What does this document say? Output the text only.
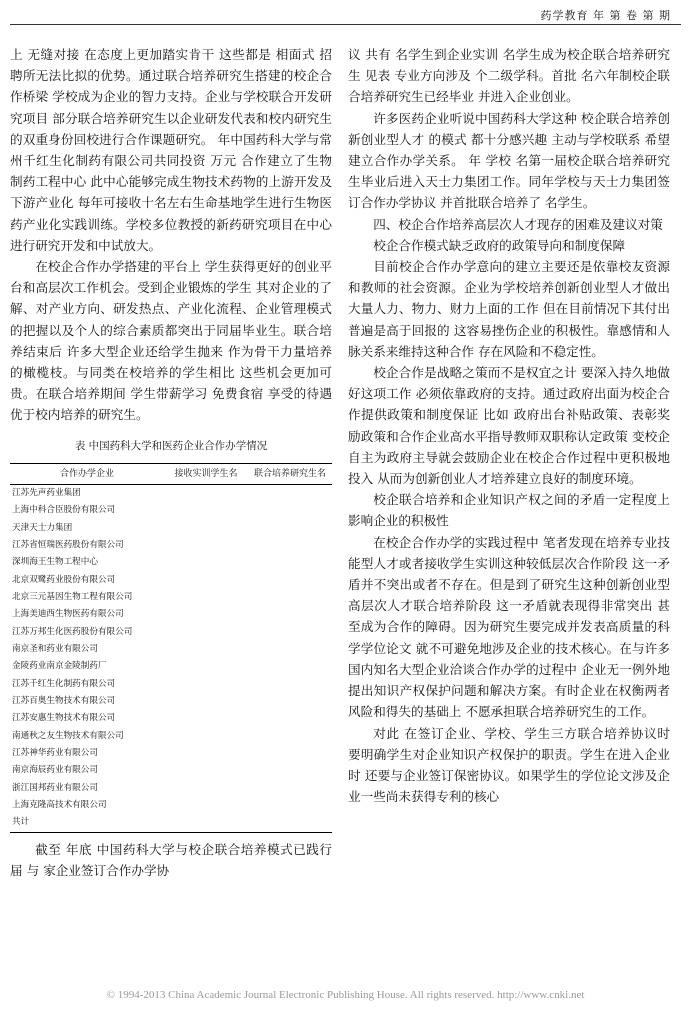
药学教育 年 第 卷 第 期

上 无缝对接 在态度上更加踏实肯干 这些都是 相面式 招聘所无法比拟的优势。通过联合培养研究生搭建的校企合作桥梁 学校成为企业的智力支持。企业与学校联合开发研究项目 部分联合培养研究生以企业研发代表和校内研究生的双重身份回校进行合作课题研究。 年中国药科大学与常州千红生化制药有限公司共同投资 万元 合作建立了生物制药工程中心 此中心能够完成生物技术药物的上游开发及下游产业化 每年可接收十名左右生命基地学生进行生物医药产业化实践训练。学校多位教授的新药研究项目在中心进行研究开发和中试放大。

在校企合作办学搭建的平台上 学生获得更好的创业平台和高层次工作机会。受到企业锻炼的学生 其对企业的了解、对产业方向、研发热点、产业化流程、企业管理模式的把握以及个人的综合素质都突出于同届毕业生。联合培养结束后 许多大型企业还给学生抛来 作为骨干力量培养 的橄榄枝。与同类在校培养的学生相比 这些机会更加可贵。在联合培养期间 学生带薪学习 免费食宿 享受的待遇优于校内培养的研究生。

表 中国药科大学和医药企业合作办学情况
合作办学企业	接收实训学生名	联合培养研究生名
江苏先声药业集团		
上海中科合臣股份有限公司		
天津天士力集团		
江苏省恒瑞医药股份有限公司		
深圳海王生物工程中心		
北京双鹭药业股份有限公司		
北京三元基因生物工程有限公司		
上海美迪西生物医药有限公司		
江苏万邦生化医药股份有限公司		
南京圣和药业有限公司		
金陵药业南京金陵制药厂		
江苏千红生化制药有限公司		
江苏百奥生物技术有限公司		
江苏安惠生物技术有限公司		
南通秋之友生物技术有限公司		
江苏神华药业有限公司		
南京海辰药业有限公司		
浙江国邦药业有限公司		
上海克隆高技术有限公司		
共计		

截至 年底 中国药科大学与校企联合培养模式已践行 届 与 家企业签订合作办学协

议 共有 名学生到企业实训 名学生成为校企联合培养研究生 见表 专业方向涉及 个二级学科。首批 名六年制校企联合培养研究生已经毕业 并进入企业创业。

许多医药企业听说中国药科大学这种 校企联合培养创新创业型人才 的模式 都十分感兴趣 主动与学校联系 希望建立合作办学关系。 年 学校 名第一届校企联合培养研究生毕业后进入天士力集团工作。同年学校与天士力集团签订合作办学协议 并首批联合培养了 名学生。

四、校企合作培养高层次人才现存的困难及建议对策

校企合作模式缺乏政府的政策导向和制度保障

目前校企合作办学意向的建立主要还是依靠校友资源和教师的社会资源。企业为学校培养创新创业型人才做出大量人力、物力、财力上面的工作 但在目前情况下其付出普遍是高于回报的 这容易挫伤企业的积极性。靠感情和人脉关系来维持这种合作 存在风险和不稳定性。

校企合作是战略之策而不是权宜之计 要深入持久地做好这项工作 必须依靠政府的支持。通过政府出面为校企合作提供政策和制度保证 比如 政府出台补贴政策、表彰奖励政策和合作企业高水平指导教师双职称认定政策 变校企自主为政府主导就会鼓励企业在校企合作过程中更积极地投入 从而为创新创业人才培养建立良好的制度环境。

校企联合培养和企业知识产权之间的矛盾一定程度上影响企业的积极性

在校企合作办学的实践过程中 笔者发现在培养专业技能型人才或者接收学生实训这种较低层次合作阶段 这一矛盾并不突出或者不存在。但是到了研究生这种创新创业型高层次人才联合培养阶段 这一矛盾就表现得非常突出 甚至成为合作的障碍。因为研究生要完成并发表高质量的科学学位论文 就不可避免地涉及企业的技术核心。在与许多国内知名大型企业洽谈合作办学的过程中 企业无一例外地提出知识产权保护问题和解决方案。有时企业在权衡两者风险和得失的基础上 不愿承担联合培养研究生的工作。

对此 在签订企业、学校、学生三方联合培养协议时 要明确学生对企业知识产权保护的职责。学生在进入企业时 还要与企业签订保密协议。如果学生的学位论文涉及企业一些尚未获得专利的核心

© 1994-2013 China Academic Journal Electronic Publishing House. All rights reserved. http://www.cnki.net
